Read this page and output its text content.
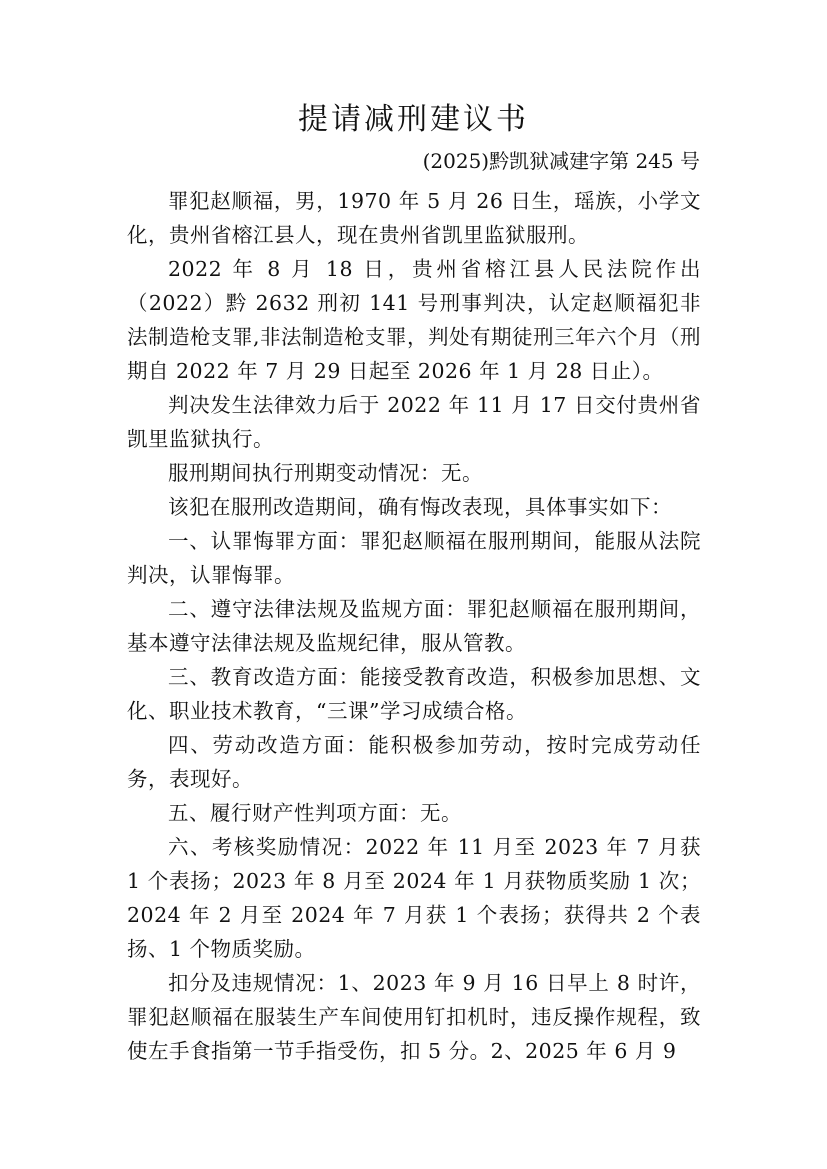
提请减刑建议书
(2025)黔凯狱减建字第 245 号

罪犯赵顺福，男，1970 年 5 月 26 日生，瑶族，小学文化，贵州省榕江县人，现在贵州省凯里监狱服刑。

2022 年 8 月 18 日，贵州省榕江县人民法院作出（2022）黔 2632 刑初 141 号刑事判决，认定赵顺福犯非法制造枪支罪,非法制造枪支罪，判处有期徒刑三年六个月（刑期自 2022 年 7 月 29 日起至 2026 年 1 月 28 日止）。

判决发生法律效力后于 2022 年 11 月 17 日交付贵州省凯里监狱执行。

服刑期间执行刑期变动情况：无。

该犯在服刑改造期间，确有悔改表现，具体事实如下：

一、认罪悔罪方面：罪犯赵顺福在服刑期间，能服从法院判决，认罪悔罪。

二、遵守法律法规及监规方面：罪犯赵顺福在服刑期间，基本遵守法律法规及监规纪律，服从管教。

三、教育改造方面：能接受教育改造，积极参加思想、文化、职业技术教育，“三课”学习成绩合格。

四、劳动改造方面：能积极参加劳动，按时完成劳动任务，表现好。

五、履行财产性判项方面：无。

六、考核奖励情况：2022 年 11 月至 2023 年 7 月获 1 个表扬；2023 年 8 月至 2024 年 1 月获物质奖励 1 次；2024 年 2 月至 2024 年 7 月获 1 个表扬；获得共 2 个表扬、1 个物质奖励。

扣分及违规情况：1、2023 年 9 月 16 日早上 8 时许，罪犯赵顺福在服装生产车间使用钉扣机时，违反操作规程，致使左手食指第一节手指受伤，扣 5 分。2、2025 年 6 月 9
